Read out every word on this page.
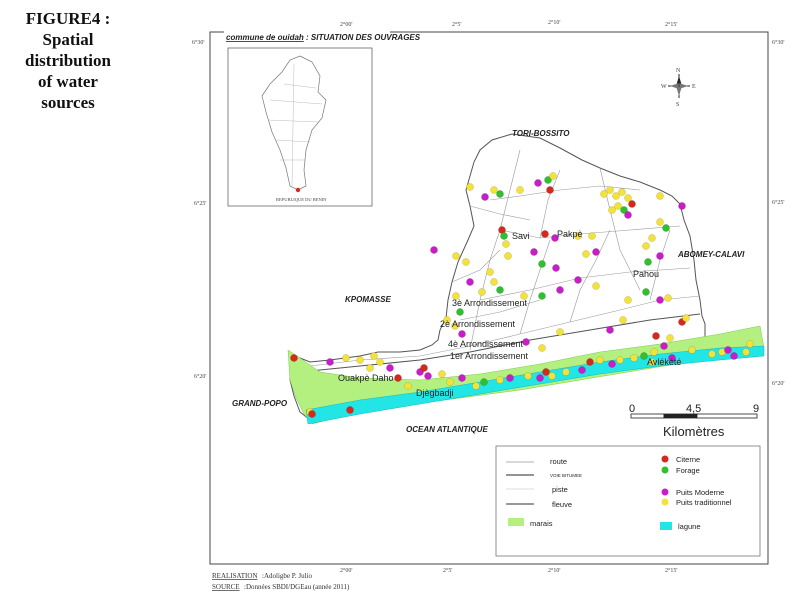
FIGURE4 :
Spatial
distribution
of water
sources
commune de ouidah : SITUATION DES OUVRAGES
2°00'	2°5'	2°10'	2°15'
2°00'	2°5'	2°10'	2°15'
6°30'
6°25'
6°20'
6°30'
6°25'
6°20'
REPUBLIQUE DU BENIN
TORI-BOSSITO
ABOMEY-CALAVI
KPOMASSE
GRAND-POPO
OCEAN ATLANTIQUE
Savi
Pahou
Pakpè
3è Arrondissement
2è Arrondissement
4è Arrondissement
1er Arrondissement
Ouakpè Daho
Djègbadji
Avlékété
N
S
E
W
0	4,5	9
Kilomètres
route
VOIE BITUMEE
piste
fleuve
marais
Citerne
Forage
Puits Moderne
Puits traditionnel
lagune
REALISATION :Adoligbe P. Julio
SOURCE :Données SBDI/DGEau (année 2011)
